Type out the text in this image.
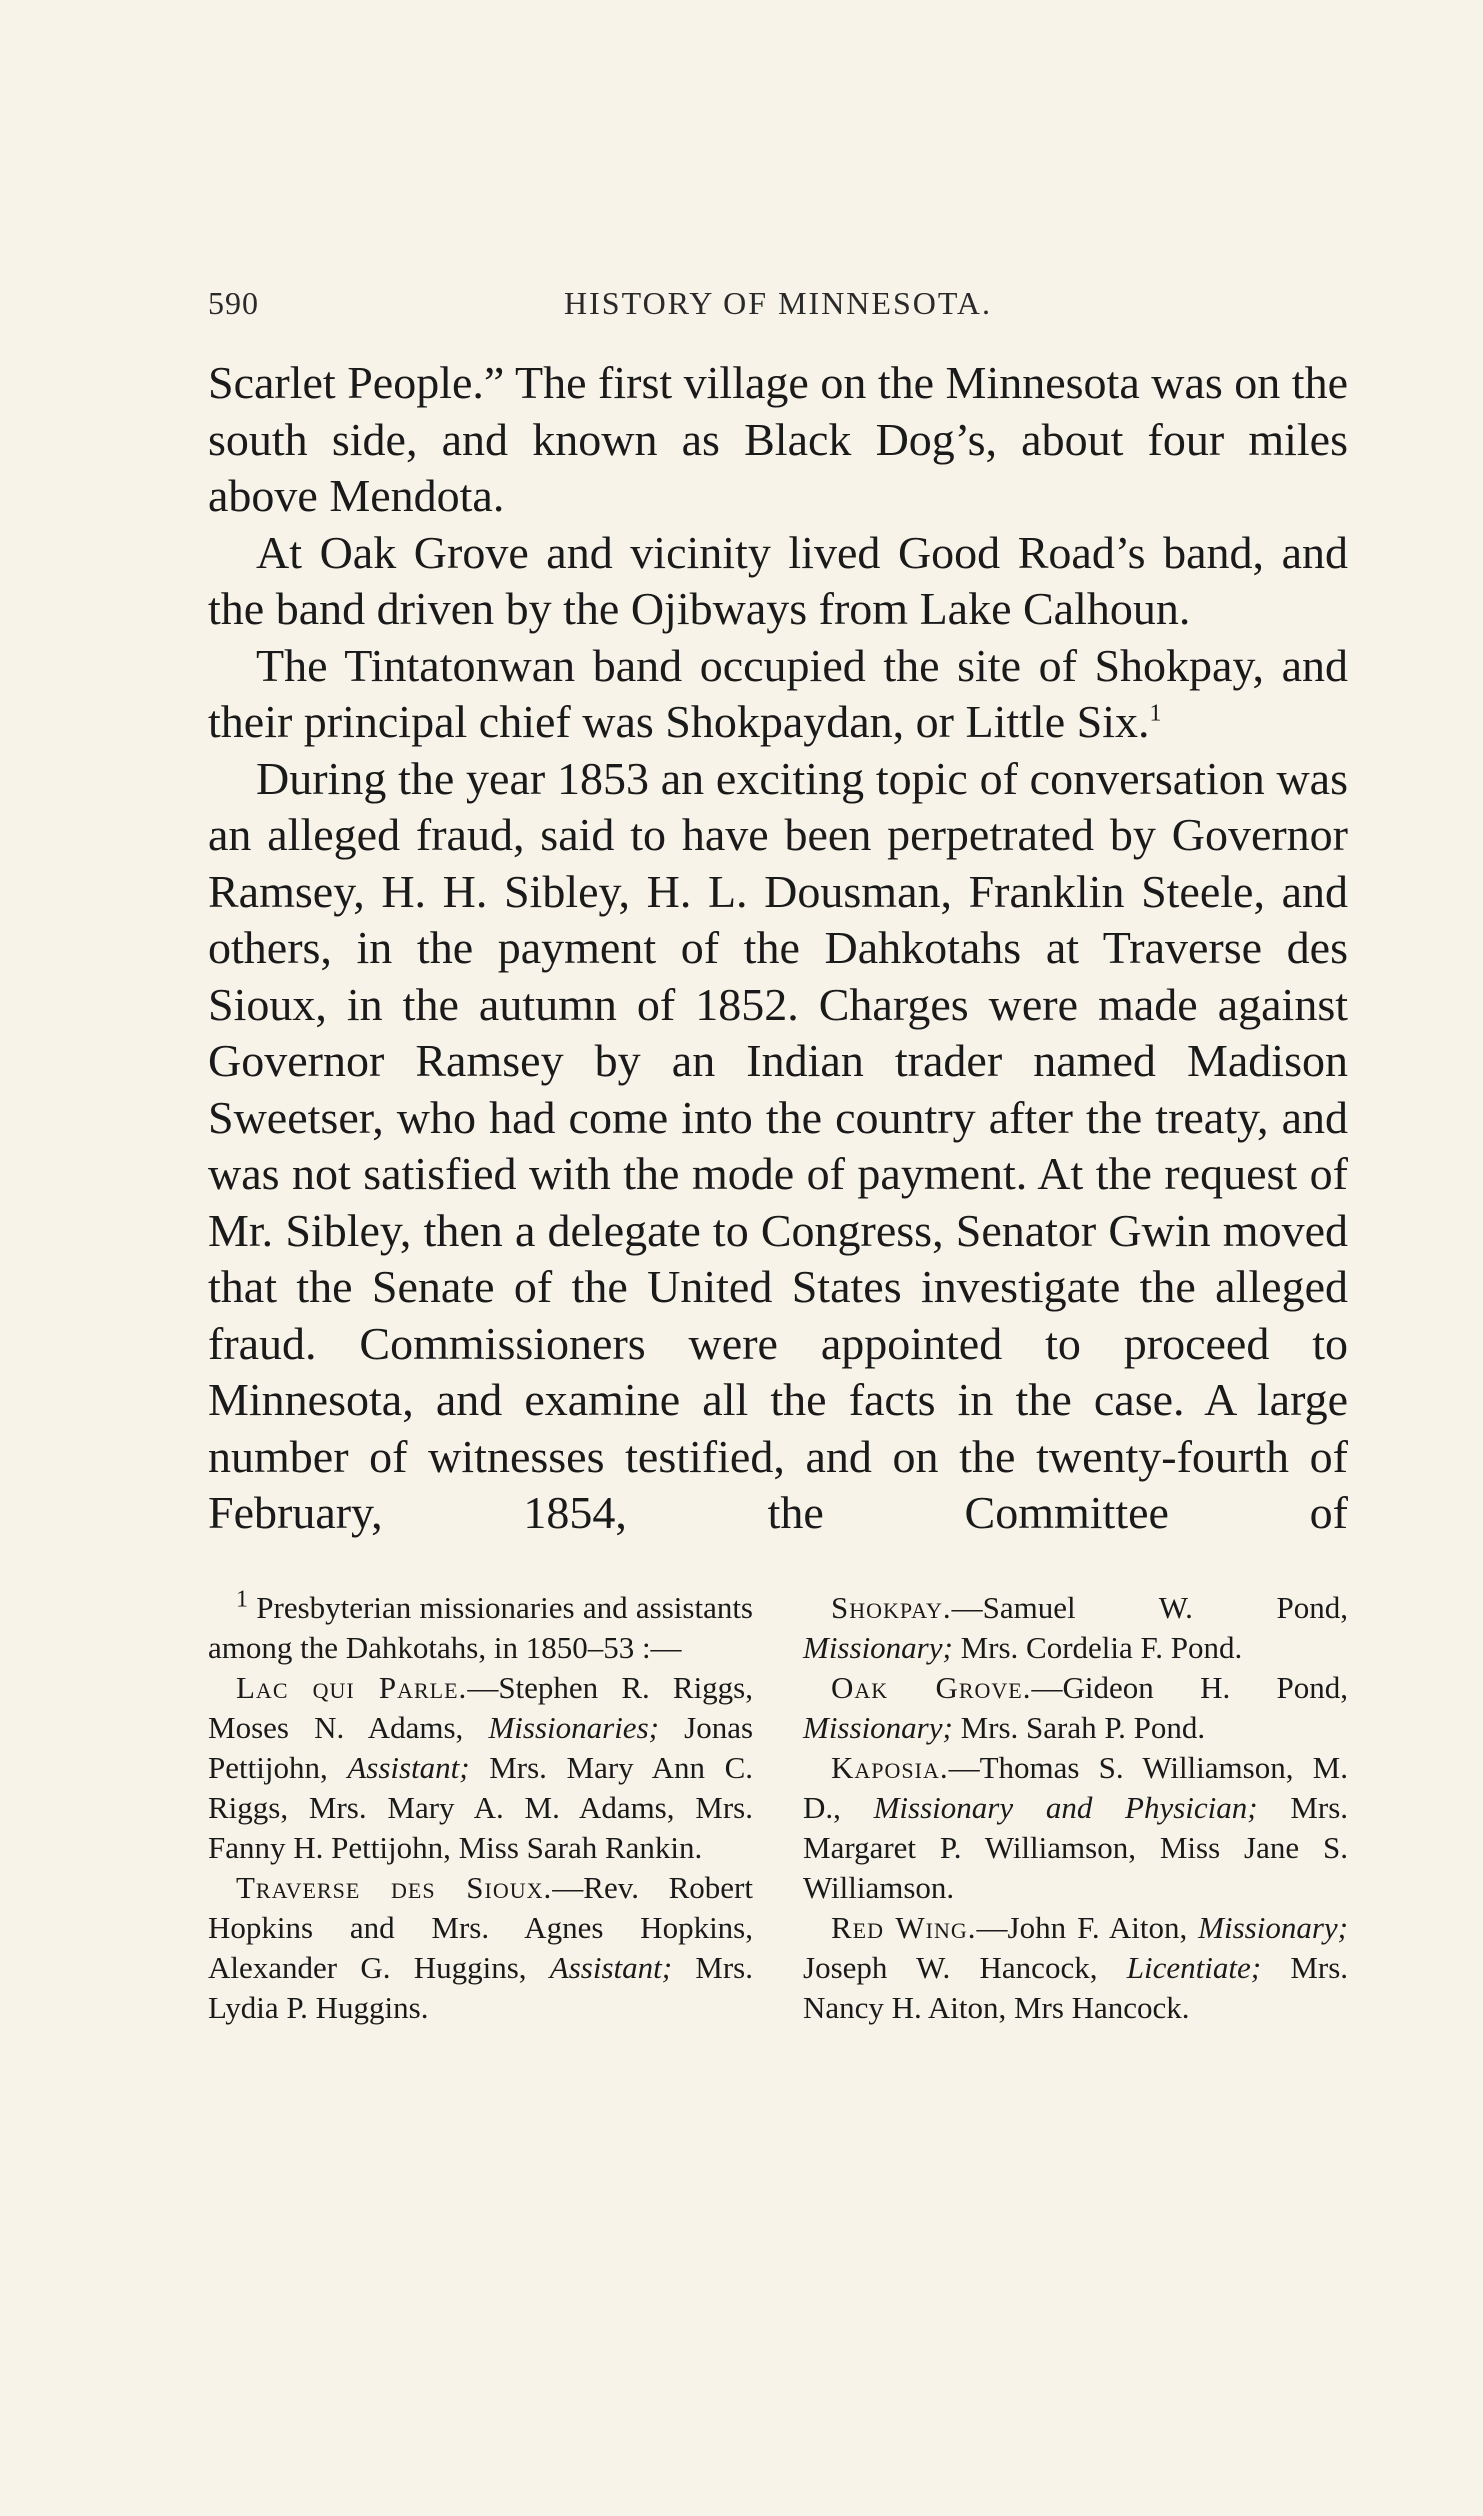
590	HISTORY OF MINNESOTA.

Scarlet People.” The first village on the Minnesota was on the south side, and known as Black Dog’s, about four miles above Mendota.

At Oak Grove and vicinity lived Good Road’s band, and the band driven by the Ojibways from Lake Calhoun.

The Tintatonwan band occupied the site of Shokpay, and their principal chief was Shokpaydan, or Little Six.$^1$

During the year 1853 an exciting topic of conversation was an alleged fraud, said to have been perpetrated by Governor Ramsey, H. H. Sibley, H. L. Dousman, Franklin Steele, and others, in the payment of the Dahkotahs at Traverse des Sioux, in the autumn of 1852. Charges were made against Governor Ramsey by an Indian trader named Madison Sweetser, who had come into the country after the treaty, and was not satisfied with the mode of payment. At the request of Mr. Sibley, then a delegate to Congress, Senator Gwin moved that the Senate of the United States investigate the alleged fraud. Commissioners were appointed to proceed to Minnesota, and examine all the facts in the case. A large number of witnesses testified, and on the twenty-fourth of February, 1854, the Committee of

$^1$ Presbyterian missionaries and assistants among the Dahkotahs, in 1850–53 :—

Lac qui Parle.—Stephen R. Riggs, Moses N. Adams, Missionaries; Jonas Pettijohn, Assistant; Mrs. Mary Ann C. Riggs, Mrs. Mary A. M. Adams, Mrs. Fanny H. Pettijohn, Miss Sarah Rankin.

Traverse des Sioux.—Rev. Robert Hopkins and Mrs. Agnes Hopkins, Alexander G. Huggins, Assistant; Mrs. Lydia P. Huggins.

Shokpay.—Samuel W. Pond, Missionary; Mrs. Cordelia F. Pond.

Oak Grove.—Gideon H. Pond, Missionary; Mrs. Sarah P. Pond.

Kaposia.—Thomas S. Williamson, M. D., Missionary and Physician; Mrs. Margaret P. Williamson, Miss Jane S. Williamson.

Red Wing.—John F. Aiton, Missionary; Joseph W. Hancock, Licentiate; Mrs. Nancy H. Aiton, Mrs Hancock.
